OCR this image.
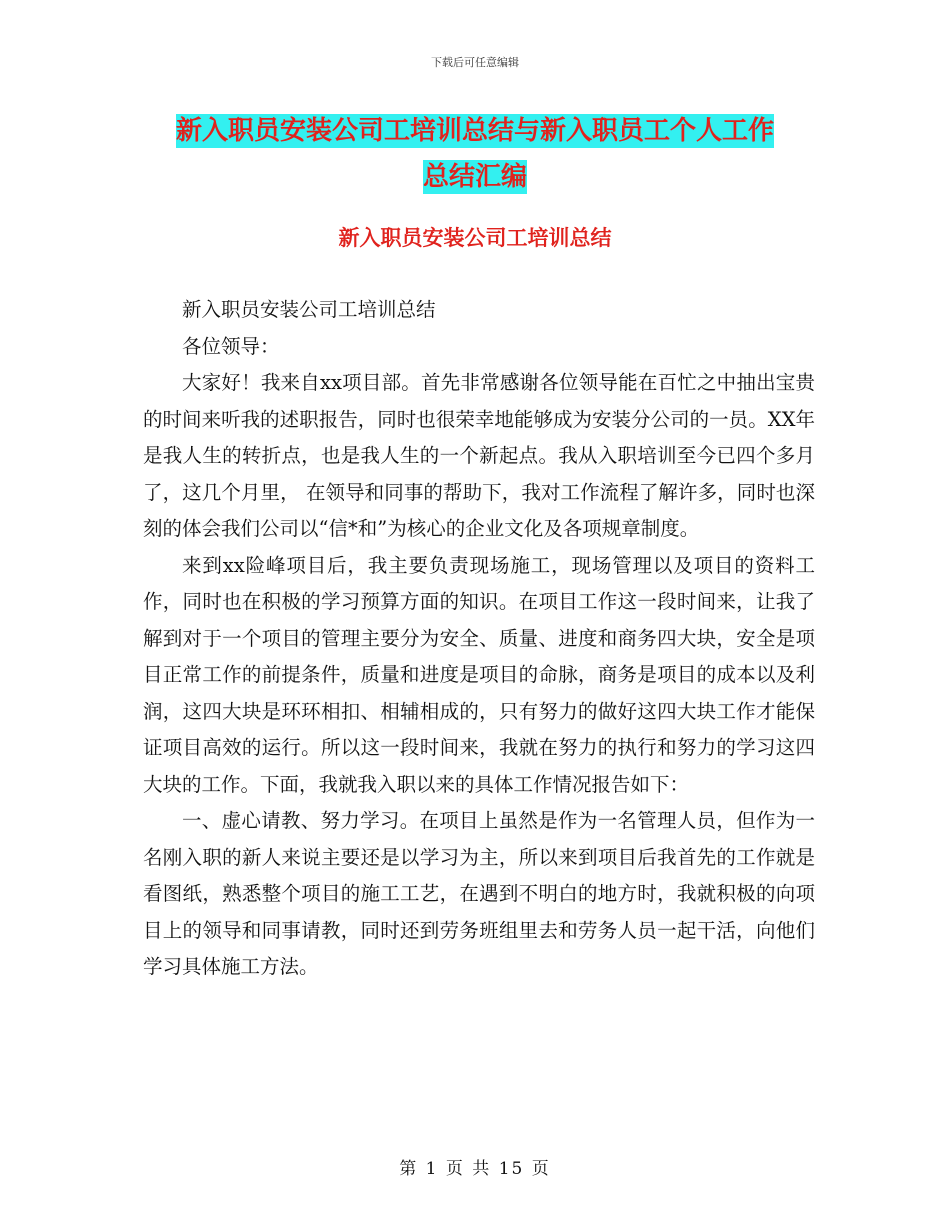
下载后可任意编辑
新入职员安装公司工培训总结与新入职员工个人工作
总结汇编
新入职员安装公司工培训总结

新入职员安装公司工培训总结

各位领导：

大家好！我来自xx项目部。首先非常感谢各位领导能在百忙之中抽出宝贵的时间来听我的述职报告，同时也很荣幸地能够成为安装分公司的一员。XX年是我人生的转折点，也是我人生的一个新起点。我从入职培训至今已四个多月了，这几个月里， 在领导和同事的帮助下，我对工作流程了解许多，同时也深刻的体会我们公司以“信*和”为核心的企业文化及各项规章制度。

来到xx险峰项目后，我主要负责现场施工，现场管理以及项目的资料工作，同时也在积极的学习预算方面的知识。在项目工作这一段时间来，让我了解到对于一个项目的管理主要分为安全、质量、进度和商务四大块，安全是项目正常工作的前提条件，质量和进度是项目的命脉，商务是项目的成本以及利润，这四大块是环环相扣、相辅相成的，只有努力的做好这四大块工作才能保证项目高效的运行。所以这一段时间来，我就在努力的执行和努力的学习这四大块的工作。下面，我就我入职以来的具体工作情况报告如下：

一、虚心请教、努力学习。在项目上虽然是作为一名管理人员，但作为一名刚入职的新人来说主要还是以学习为主，所以来到项目后我首先的工作就是看图纸，熟悉整个项目的施工工艺，在遇到不明白的地方时，我就积极的向项目上的领导和同事请教，同时还到劳务班组里去和劳务人员一起干活，向他们学习具体施工方法。

第 1 页 共 15 页
